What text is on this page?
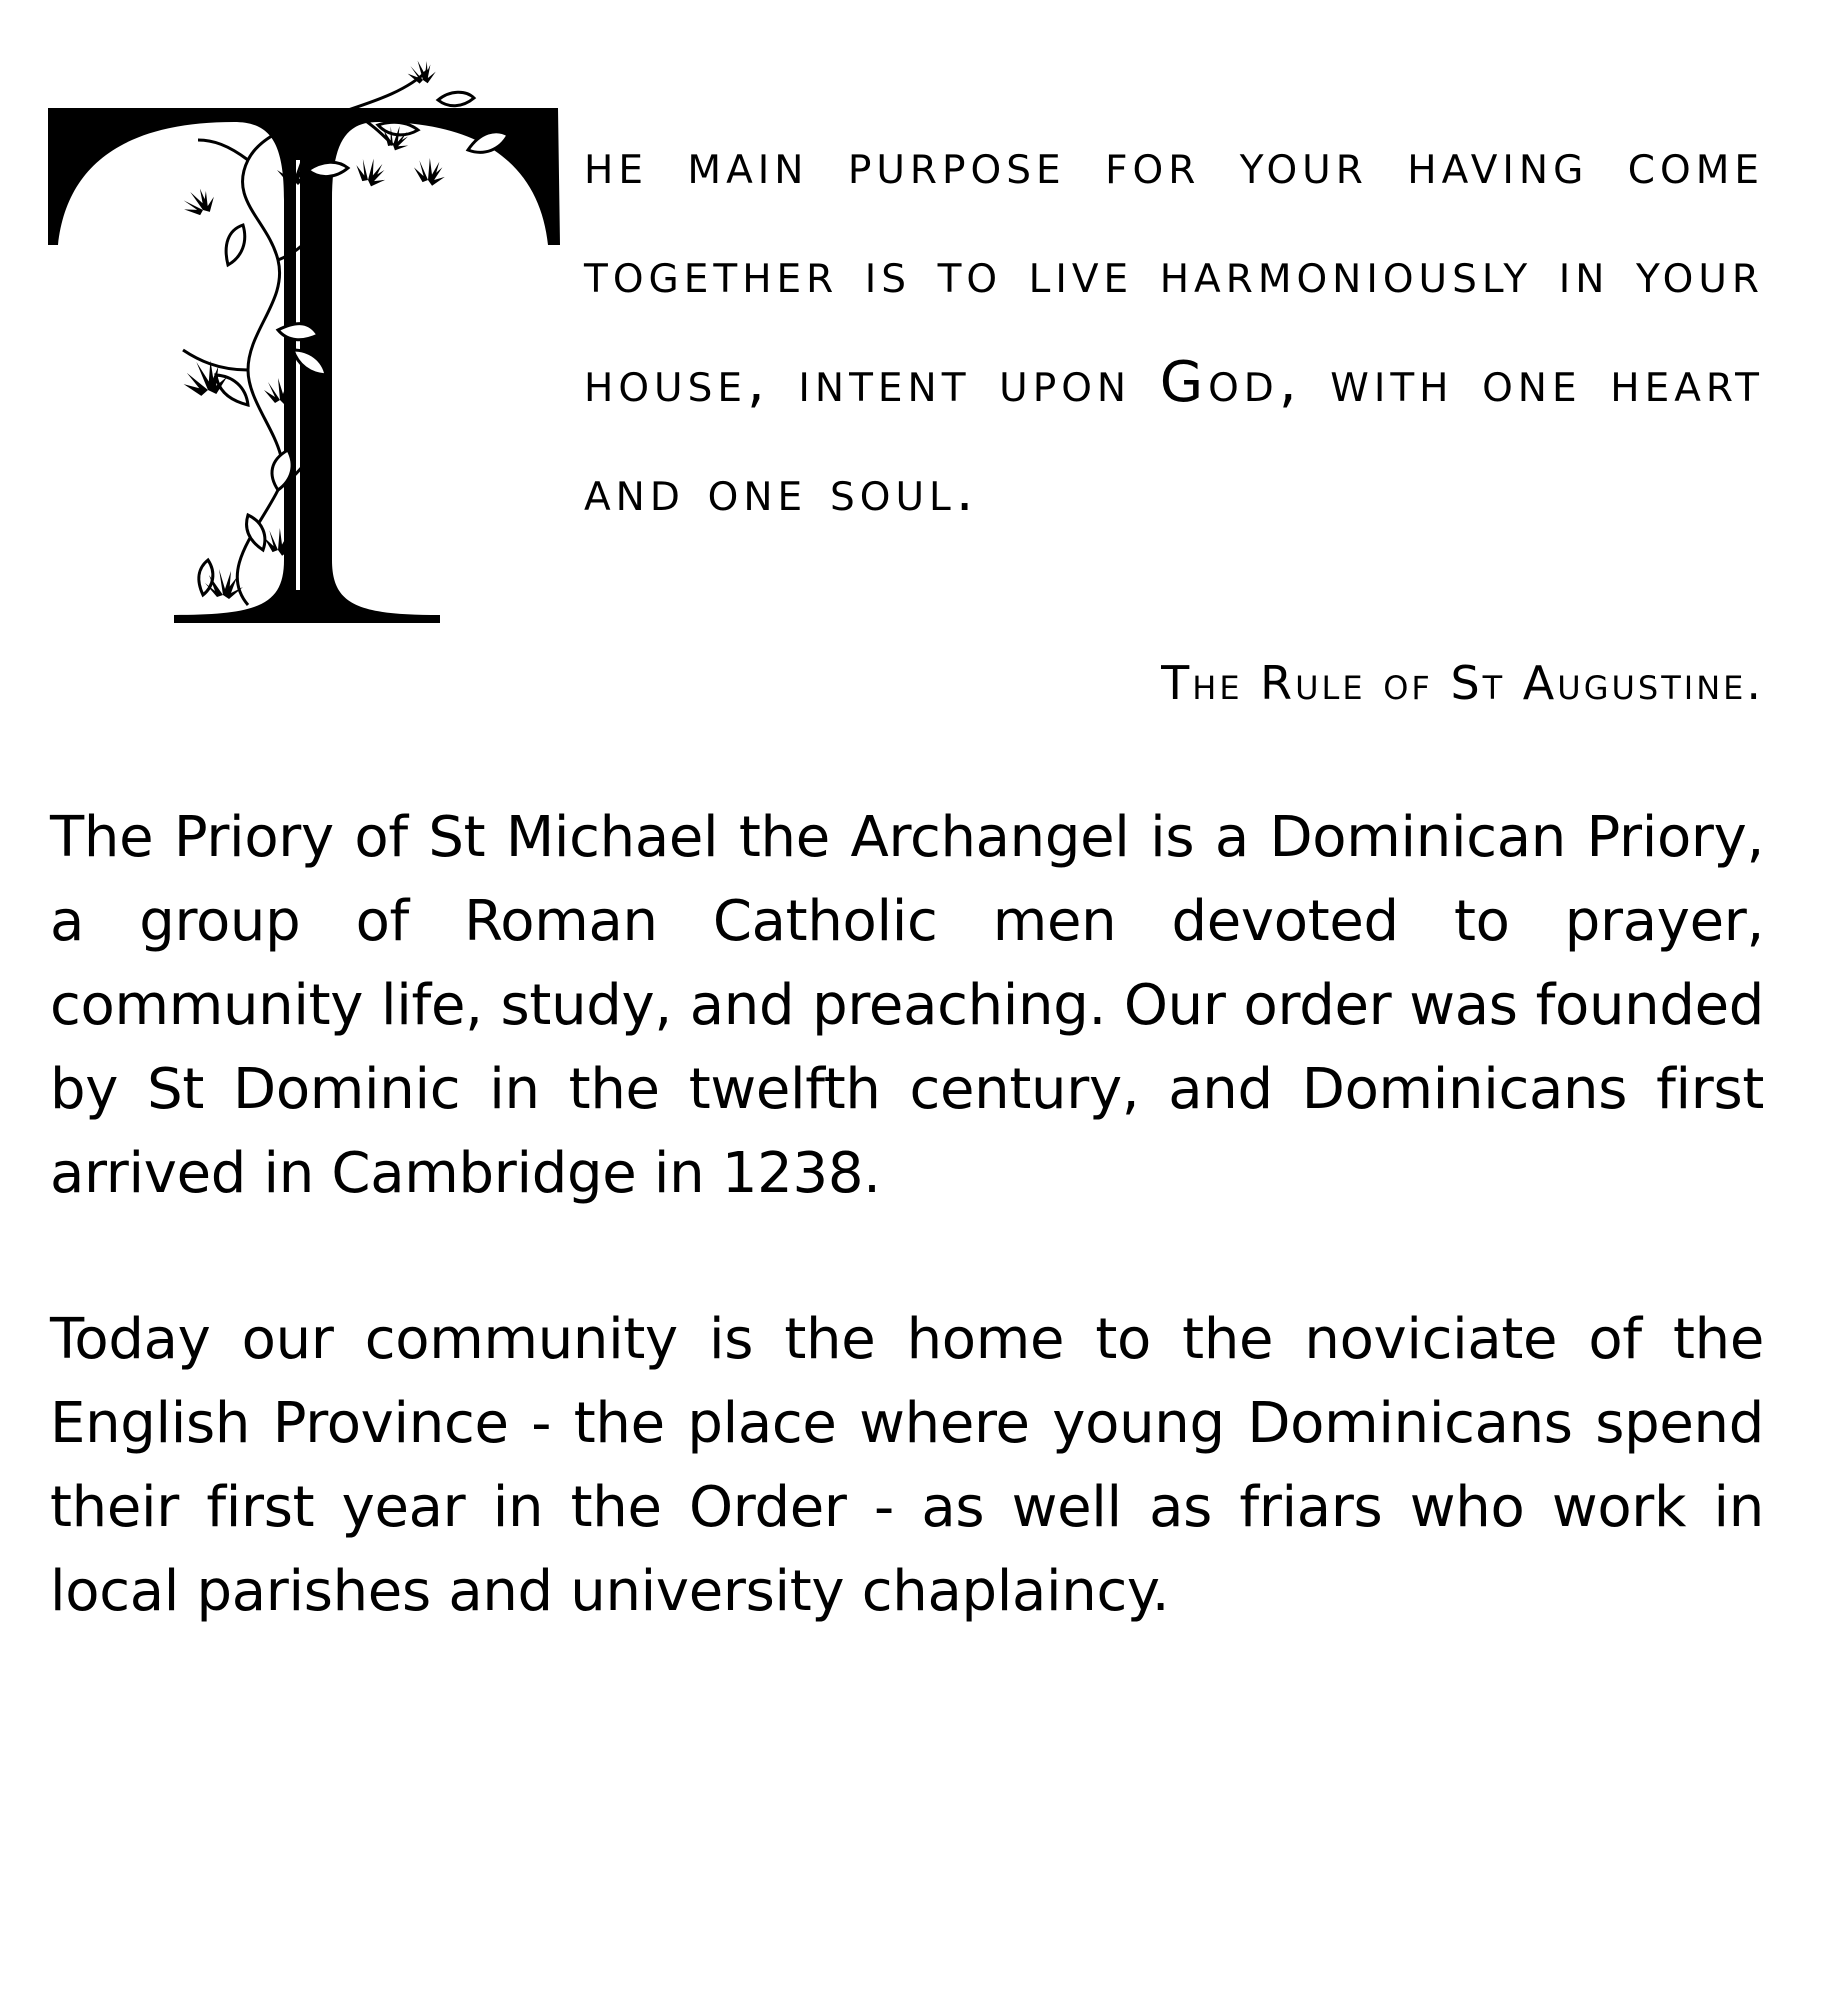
he main purpose for your having come together is to live harmoniously in your house, intent upon God, with one heart and one soul.

The Rule of St Augustine.

The Priory of St Michael the Archangel is a Dominican Priory, a group of Roman Catholic men devoted to prayer, community life, study, and preaching. Our order was founded by St Dominic in the twelfth century, and Dominicans first arrived in Cambridge in 1238.

Today our community is the home to the noviciate of the English Province - the place where young Dominicans spend their first year in the Order - as well as friars who work in local parishes and university chaplaincy.
